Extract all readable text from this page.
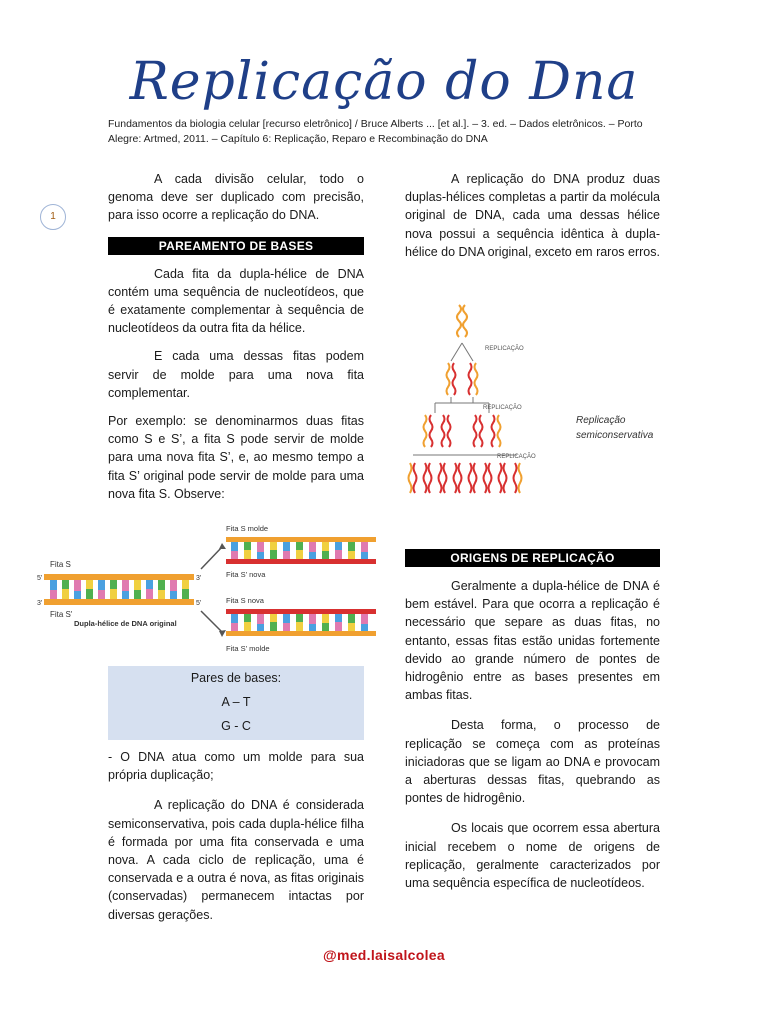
Replicação do Dna
Fundamentos da biologia celular [recurso eletrônico] / Bruce Alberts ... [et al.]. – 3. ed. – Dados eletrônicos. – Porto Alegre: Artmed, 2011. – Capítulo 6: Replicação, Reparo e Recombinação do DNA
1

A cada divisão celular, todo o genoma deve ser duplicado com precisão, para isso ocorre a replicação do DNA.

PAREAMENTO DE BASES

Cada fita da dupla-hélice de DNA contém uma sequência de nucleotídeos, que é exatamente complementar à sequência de nucleotídeos da outra fita da hélice.

E cada uma dessas fitas podem servir de molde para uma nova fita complementar.

Por exemplo: se denominarmos duas fitas como S e S’, a fita S pode servir de molde para uma nova fita S’, e, ao mesmo tempo a fita S’ original pode servir de molde para uma nova fita S. Observe:

Fita S
5'	3'
3'	5'
Fita S'
Dupla-hélice de DNA original
Fita S molde
Fita S' nova
Fita S nova
Fita S' molde
Pares de bases:
A – T
G - C

- O DNA atua como um molde para sua própria duplicação;

A replicação do DNA é considerada semiconservativa, pois cada dupla-hélice filha é formada por uma fita conservada e uma nova. A cada ciclo de replicação, uma é conservada e a outra é nova, as fitas originais (conservadas) permanecem intactas por diversas gerações.

A replicação do DNA produz duas duplas-hélices completas a partir da molécula original de DNA, cada uma dessas hélice nova possui a sequência idêntica à dupla-hélice do DNA original, exceto em raros erros.

REPLICAÇÃO
REPLICAÇÃO
REPLICAÇÃO
Replicação
semiconservativa
ORIGENS DE REPLICAÇÃO

Geralmente a dupla-hélice de DNA é bem estável. Para que ocorra a replicação é necessário que separe as duas fitas, no entanto, essas fitas estão unidas fortemente devido ao grande número de pontes de hidrogênio entre as bases presentes em ambas fitas.

Desta forma, o processo de replicação se começa com as proteínas iniciadoras que se ligam ao DNA e provocam a aberturas dessas fitas, quebrando as pontes de hidrogênio.

Os locais que ocorrem essa abertura inicial recebem o nome de origens de replicação, geralmente caracterizados por uma sequência específica de nucleotídeos.

@med.laisalcolea
